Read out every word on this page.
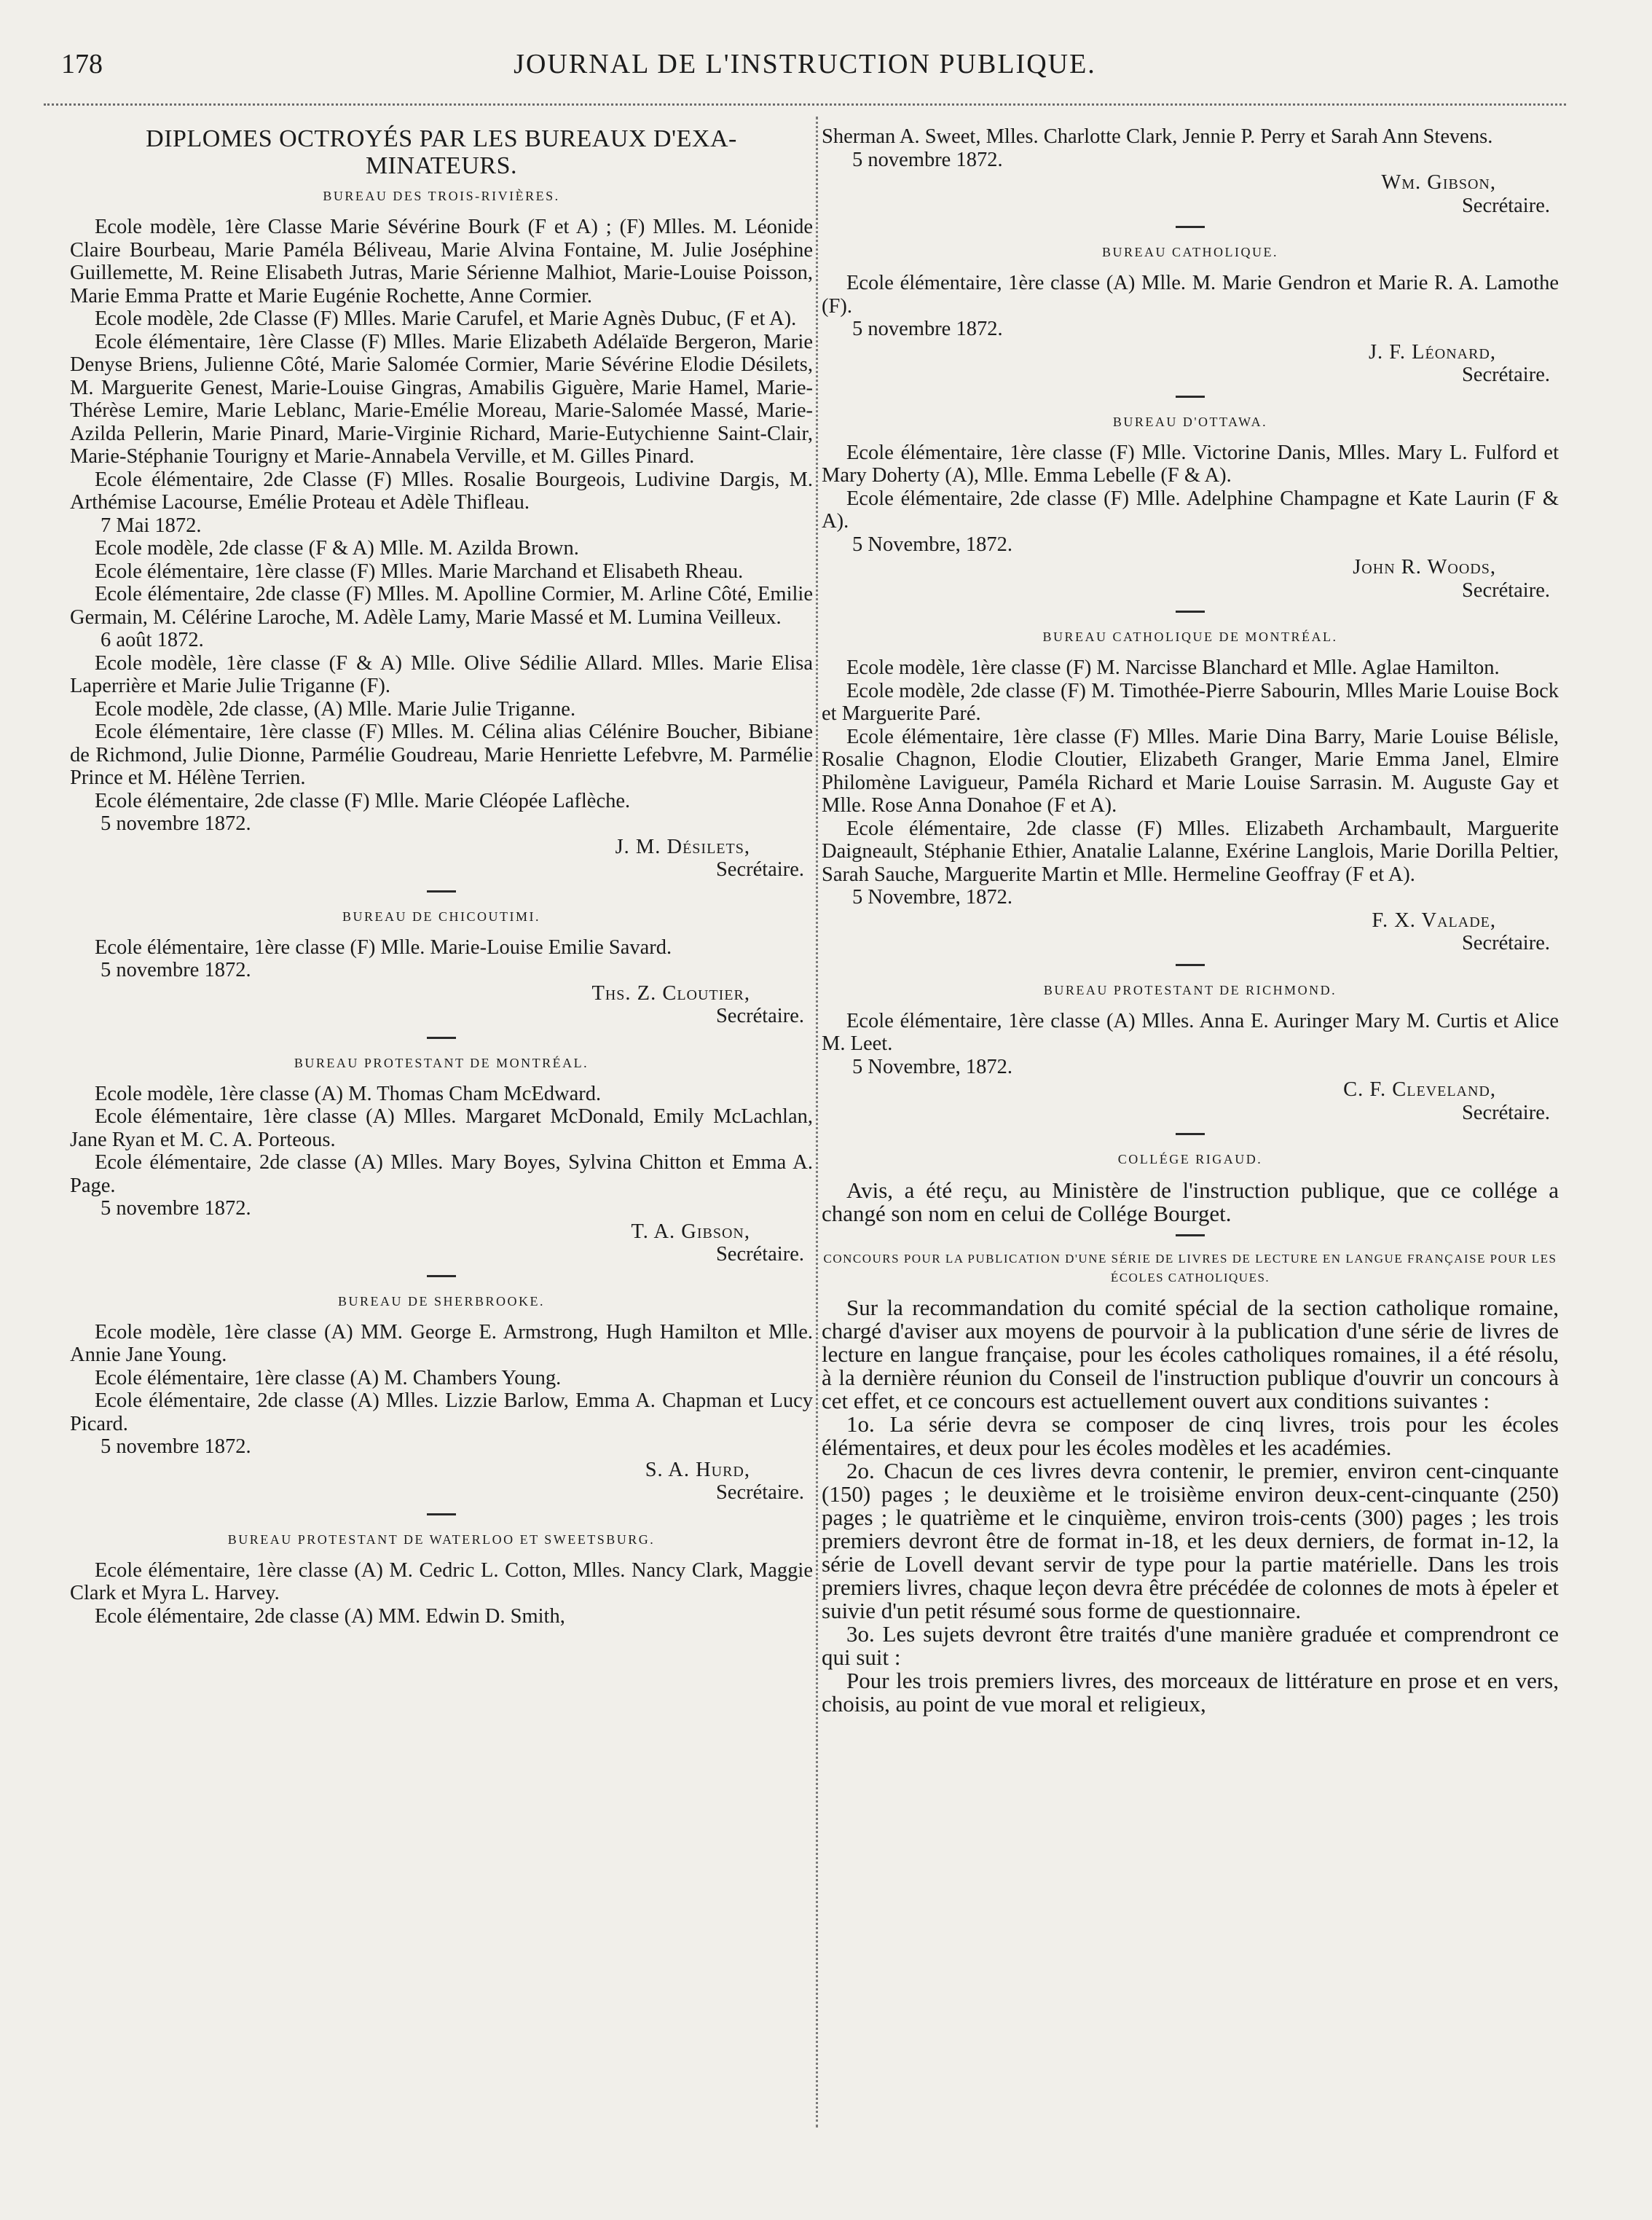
178	JOURNAL DE L'INSTRUCTION PUBLIQUE.
DIPLOMES OCTROYÉS PAR LES BUREAUX D'EXA-MINATEURS.
BUREAU DES TROIS-RIVIÈRES.

Ecole modèle, 1ère Classe Marie Sévérine Bourk (F et A) ; (F) Mlles. M. Léonide Claire Bourbeau, Marie Paméla Béliveau, Marie Alvina Fontaine, M. Julie Joséphine Guillemette, M. Reine Elisabeth Jutras, Marie Sérienne Malhiot, Marie-Louise Poisson, Marie Emma Pratte et Marie Eugénie Rochette, Anne Cormier.

Ecole modèle, 2de Classe (F) Mlles. Marie Carufel, et Marie Agnès Dubuc, (F et A).

Ecole élémentaire, 1ère Classe (F) Mlles. Marie Elizabeth Adélaïde Bergeron, Marie Denyse Briens, Julienne Côté, Marie Salomée Cormier, Marie Sévérine Elodie Désilets, M. Marguerite Genest, Marie-Louise Gingras, Amabilis Giguère, Marie Hamel, Marie-Thérèse Lemire, Marie Leblanc, Marie-Emélie Moreau, Marie-Salomée Massé, Marie-Azilda Pellerin, Marie Pinard, Marie-Virginie Richard, Marie-Eutychienne Saint-Clair, Marie-Stéphanie Tourigny et Marie-Annabela Verville, et M. Gilles Pinard.

Ecole élémentaire, 2de Classe (F) Mlles. Rosalie Bourgeois, Ludivine Dargis, M. Arthémise Lacourse, Emélie Proteau et Adèle Thifleau.

7 Mai 1872.

Ecole modèle, 2de classe (F & A) Mlle. M. Azilda Brown.

Ecole élémentaire, 1ère classe (F) Mlles. Marie Marchand et Elisabeth Rheau.

Ecole élémentaire, 2de classe (F) Mlles. M. Apolline Cormier, M. Arline Côté, Emilie Germain, M. Célérine Laroche, M. Adèle Lamy, Marie Massé et M. Lumina Veilleux.

6 août 1872.

Ecole modèle, 1ère classe (F & A) Mlle. Olive Sédilie Allard. Mlles. Marie Elisa Laperrière et Marie Julie Triganne (F).

Ecole modèle, 2de classe, (A) Mlle. Marie Julie Triganne.

Ecole élémentaire, 1ère classe (F) Mlles. M. Célina alias Célénire Boucher, Bibiane de Richmond, Julie Dionne, Parmélie Goudreau, Marie Henriette Lefebvre, M. Parmélie Prince et M. Hélène Terrien.

Ecole élémentaire, 2de classe (F) Mlle. Marie Cléopée Laflèche.

5 novembre 1872.

J. M. Désilets,

Secrétaire.

BUREAU DE CHICOUTIMI.

Ecole élémentaire, 1ère classe (F) Mlle. Marie-Louise Emilie Savard.

5 novembre 1872.

Ths. Z. Cloutier,

Secrétaire.

BUREAU PROTESTANT DE MONTRÉAL.

Ecole modèle, 1ère classe (A) M. Thomas Cham McEdward.

Ecole élémentaire, 1ère classe (A) Mlles. Margaret McDonald, Emily McLachlan, Jane Ryan et M. C. A. Porteous.

Ecole élémentaire, 2de classe (A) Mlles. Mary Boyes, Sylvina Chitton et Emma A. Page.

5 novembre 1872.

T. A. Gibson,

Secrétaire.

BUREAU DE SHERBROOKE.

Ecole modèle, 1ère classe (A) MM. George E. Armstrong, Hugh Hamilton et Mlle. Annie Jane Young.

Ecole élémentaire, 1ère classe (A) M. Chambers Young.

Ecole élémentaire, 2de classe (A) Mlles. Lizzie Barlow, Emma A. Chapman et Lucy Picard.

5 novembre 1872.

S. A. Hurd,

Secrétaire.

BUREAU PROTESTANT DE WATERLOO ET SWEETSBURG.

Ecole élémentaire, 1ère classe (A) M. Cedric L. Cotton, Mlles. Nancy Clark, Maggie Clark et Myra L. Harvey.

Ecole élémentaire, 2de classe (A) MM. Edwin D. Smith,

Sherman A. Sweet, Mlles. Charlotte Clark, Jennie P. Perry et Sarah Ann Stevens.

5 novembre 1872.

Wm. Gibson,

Secrétaire.

BUREAU CATHOLIQUE.

Ecole élémentaire, 1ère classe (A) Mlle. M. Marie Gendron et Marie R. A. Lamothe (F).

5 novembre 1872.

J. F. Léonard,

Secrétaire.

BUREAU D'OTTAWA.

Ecole élémentaire, 1ère classe (F) Mlle. Victorine Danis, Mlles. Mary L. Fulford et Mary Doherty (A), Mlle. Emma Lebelle (F & A).

Ecole élémentaire, 2de classe (F) Mlle. Adelphine Champagne et Kate Laurin (F & A).

5 Novembre, 1872.

John R. Woods,

Secrétaire.

BUREAU CATHOLIQUE DE MONTRÉAL.

Ecole modèle, 1ère classe (F) M. Narcisse Blanchard et Mlle. Aglae Hamilton.

Ecole modèle, 2de classe (F) M. Timothée-Pierre Sabourin, Mlles Marie Louise Bock et Marguerite Paré.

Ecole élémentaire, 1ère classe (F) Mlles. Marie Dina Barry, Marie Louise Bélisle, Rosalie Chagnon, Elodie Cloutier, Elizabeth Granger, Marie Emma Janel, Elmire Philomène Lavigueur, Paméla Richard et Marie Louise Sarrasin. M. Auguste Gay et Mlle. Rose Anna Donahoe (F et A).

Ecole élémentaire, 2de classe (F) Mlles. Elizabeth Archambault, Marguerite Daigneault, Stéphanie Ethier, Anatalie Lalanne, Exérine Langlois, Marie Dorilla Peltier, Sarah Sauche, Marguerite Martin et Mlle. Hermeline Geoffray (F et A).

5 Novembre, 1872.

F. X. Valade,

Secrétaire.

BUREAU PROTESTANT DE RICHMOND.

Ecole élémentaire, 1ère classe (A) Mlles. Anna E. Auringer Mary M. Curtis et Alice M. Leet.

5 Novembre, 1872.

C. F. Cleveland,

Secrétaire.

COLLÉGE RIGAUD.

Avis, a été reçu, au Ministère de l'instruction publique, que ce collége a changé son nom en celui de Collége Bourget.

CONCOURS POUR LA PUBLICATION D'UNE SÉRIE DE LIVRES DE LECTURE EN LANGUE FRANÇAISE POUR LES ÉCOLES CATHOLIQUES.

Sur la recommandation du comité spécial de la section catholique romaine, chargé d'aviser aux moyens de pourvoir à la publication d'une série de livres de lecture en langue française, pour les écoles catholiques romaines, il a été résolu, à la dernière réunion du Conseil de l'instruction publique d'ouvrir un concours à cet effet, et ce concours est actuellement ouvert aux conditions suivantes :

1o. La série devra se composer de cinq livres, trois pour les écoles élémentaires, et deux pour les écoles modèles et les académies.

2o. Chacun de ces livres devra contenir, le premier, environ cent-cinquante (150) pages ; le deuxième et le troisième environ deux-cent-cinquante (250) pages ; le quatrième et le cinquième, environ trois-cents (300) pages ; les trois premiers devront être de format in-18, et les deux derniers, de format in-12, la série de Lovell devant servir de type pour la partie matérielle. Dans les trois premiers livres, chaque leçon devra être précédée de colonnes de mots à épeler et suivie d'un petit résumé sous forme de questionnaire.

3o. Les sujets devront être traités d'une manière graduée et comprendront ce qui suit :

Pour les trois premiers livres, des morceaux de littérature en prose et en vers, choisis, au point de vue moral et religieux,
